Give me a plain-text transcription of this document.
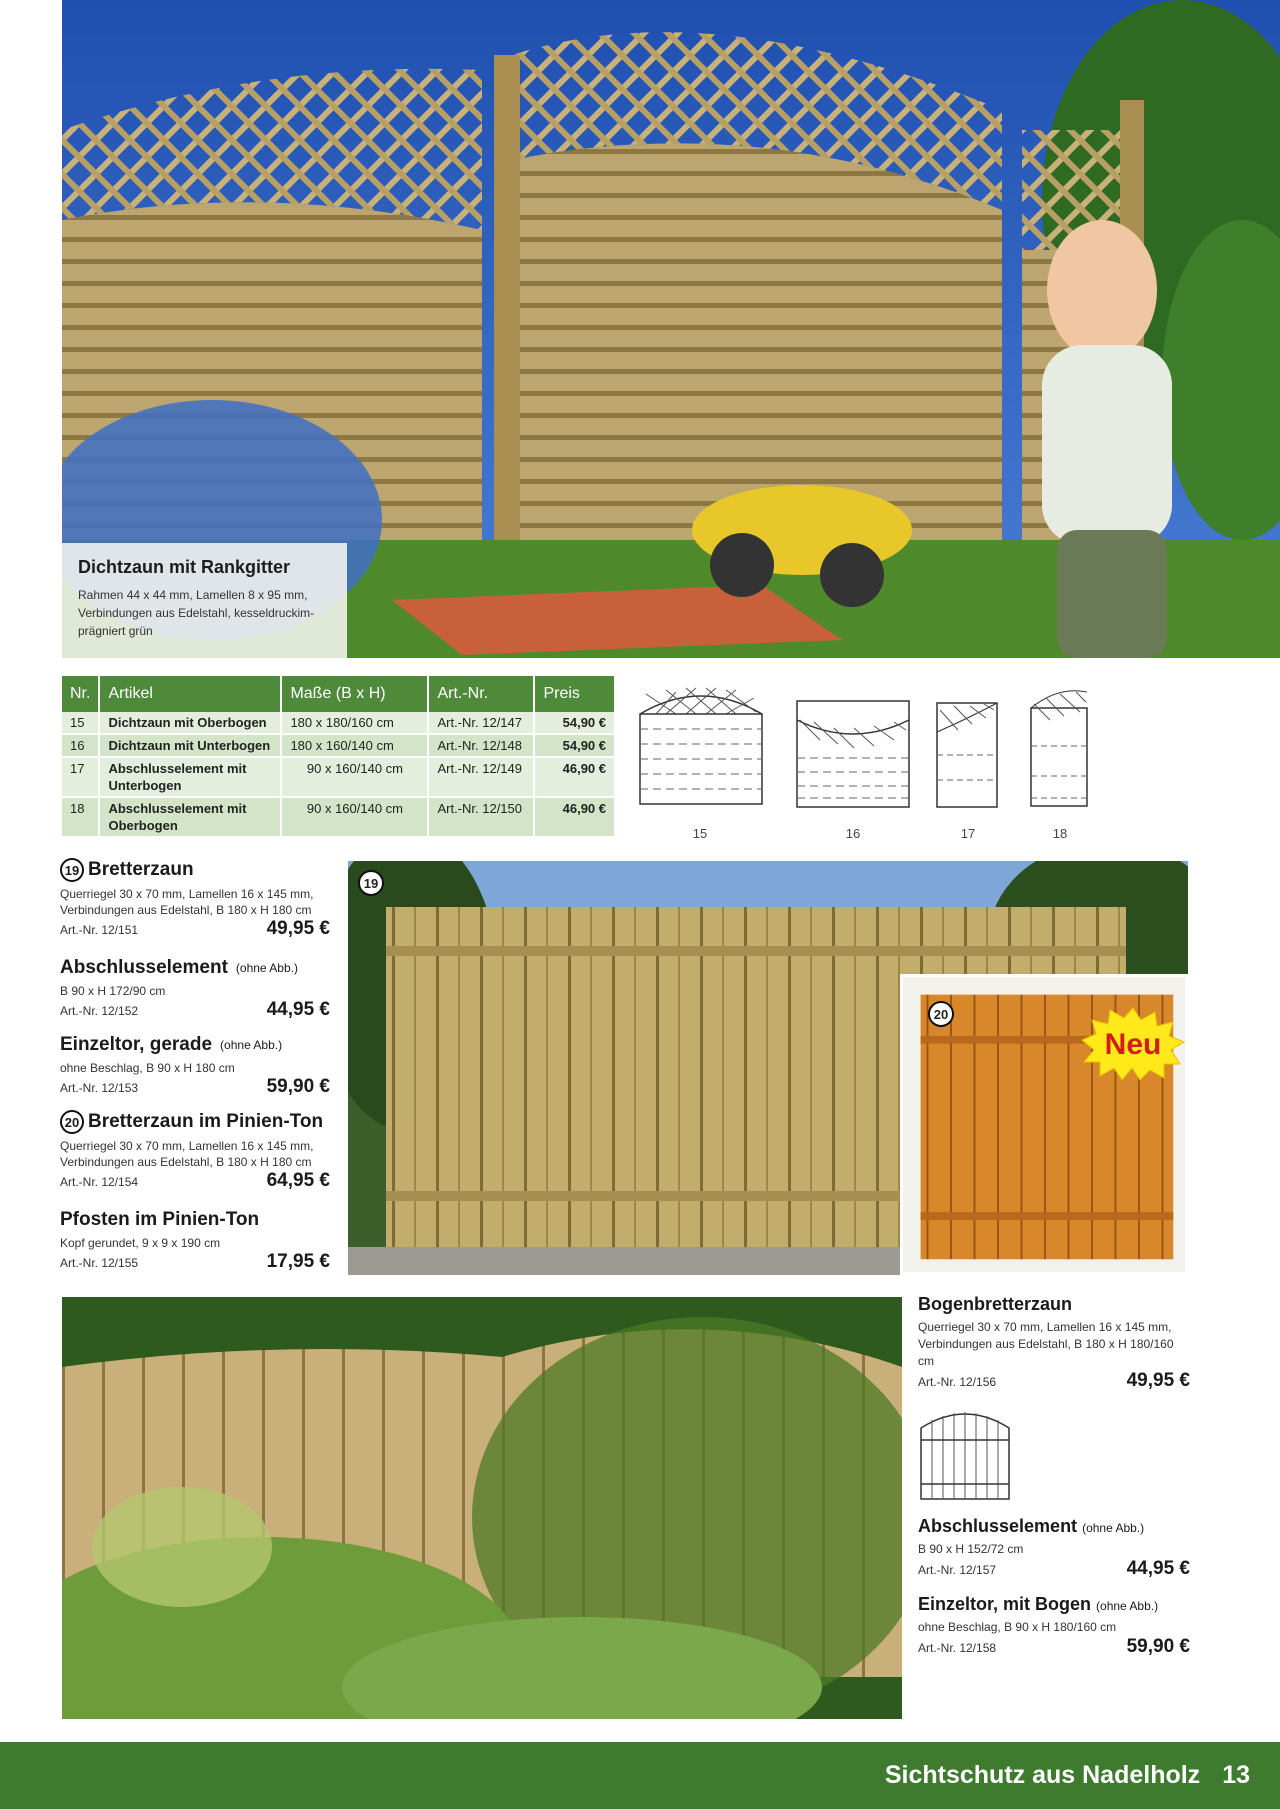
Dichtzaun mit Rankgitter

Rahmen 44 x 44 mm, Lamellen 8 x 95 mm, Verbindungen aus Edelstahl, kesseldruckim-prägniert grün

Nr.	Artikel	Maße (B x H)	Art.-Nr.	Preis
15	Dichtzaun mit Oberbogen	180 x 180/160 cm	Art.-Nr. 12/147	54,90 €
16	Dichtzaun mit Unterbogen	180 x 160/140 cm	Art.-Nr. 12/148	54,90 €
17	Abschlusselement mit Unterbogen	90 x 160/140 cm	Art.-Nr. 12/149	46,90 €
18	Abschlusselement mit Oberbogen	90 x 160/140 cm	Art.-Nr. 12/150	46,90 €
15	16	17	18
19 Bretterzaun

Querriegel 30 x 70 mm, Lamellen 16 x 145 mm, Verbindungen aus Edelstahl, B 180 x H 180 cm

Art.-Nr. 12/151	49,95 €
Abschlusselement (ohne Abb.)

B 90 x H 172/90 cm

Art.-Nr. 12/152	44,95 €
Einzeltor, gerade (ohne Abb.)

ohne Beschlag, B 90 x H 180 cm

Art.-Nr. 12/153	59,90 €
20 Bretterzaun im Pinien-Ton

Querriegel 30 x 70 mm, Lamellen 16 x 145 mm, Verbindungen aus Edelstahl, B 180 x H 180 cm

Art.-Nr. 12/154	64,95 €
Pfosten im Pinien-Ton

Kopf gerundet, 9 x 9 x 190 cm

Art.-Nr. 12/155	17,95 €
19
20
Neu
Bogenbretterzaun

Querriegel 30 x 70 mm, Lamellen 16 x 145 mm, Verbindungen aus Edelstahl, B 180 x H 180/160 cm

Art.-Nr. 12/156	49,95 €
Abschlusselement (ohne Abb.)

B 90 x H 152/72 cm

Art.-Nr. 12/157	44,95 €
Einzeltor, mit Bogen (ohne Abb.)

ohne Beschlag, B 90 x H 180/160 cm

Art.-Nr. 12/158	59,90 €
Sichtschutz aus Nadelholz 13
